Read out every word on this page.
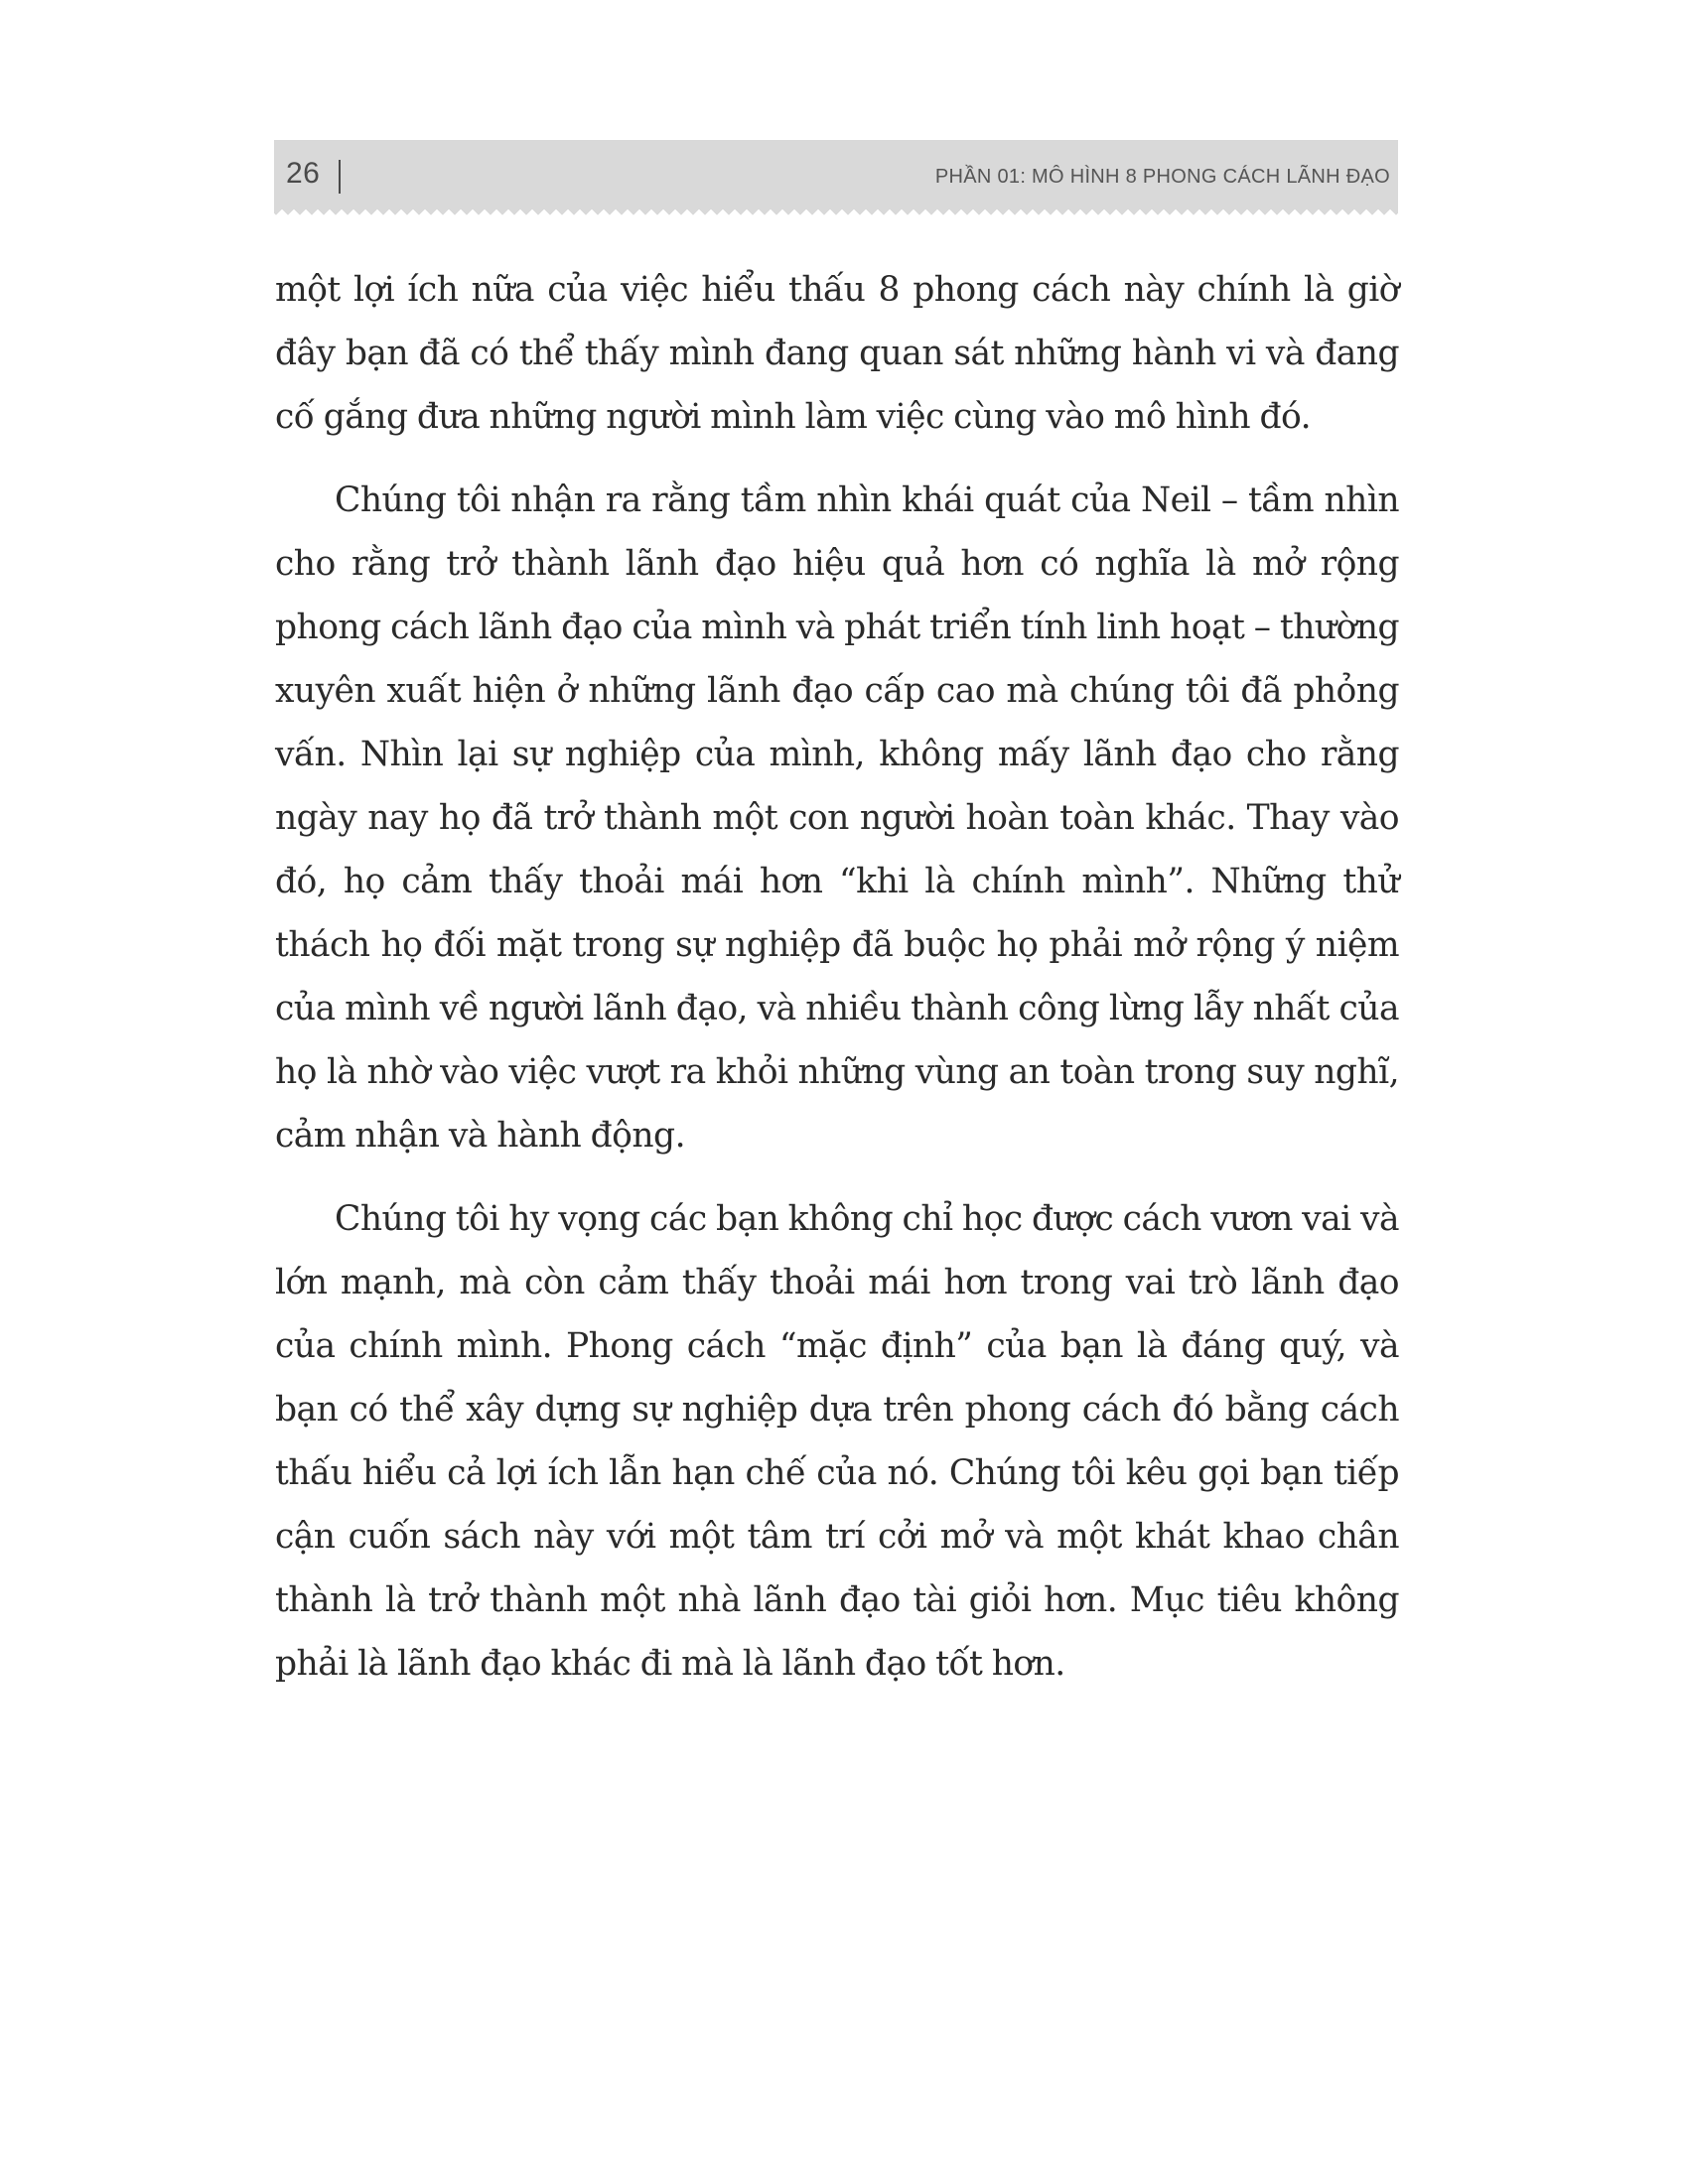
26	PHẦN 01: MÔ HÌNH 8 PHONG CÁCH LÃNH ĐẠO

một lợi ích nữa của việc hiểu thấu 8 phong cách này chính là giờ đây bạn đã có thể thấy mình đang quan sát những hành vi và đang cố gắng đưa những người mình làm việc cùng vào mô hình đó.

Chúng tôi nhận ra rằng tầm nhìn khái quát của Neil – tầm nhìn cho rằng trở thành lãnh đạo hiệu quả hơn có nghĩa là mở rộng phong cách lãnh đạo của mình và phát triển tính linh hoạt – thường xuyên xuất hiện ở những lãnh đạo cấp cao mà chúng tôi đã phỏng vấn. Nhìn lại sự nghiệp của mình, không mấy lãnh đạo cho rằng ngày nay họ đã trở thành một con người hoàn toàn khác. Thay vào đó, họ cảm thấy thoải mái hơn “khi là chính mình”. Những thử thách họ đối mặt trong sự nghiệp đã buộc họ phải mở rộng ý niệm của mình về người lãnh đạo, và nhiều thành công lừng lẫy nhất của họ là nhờ vào việc vượt ra khỏi những vùng an toàn trong suy nghĩ, cảm nhận và hành động.

Chúng tôi hy vọng các bạn không chỉ học được cách vươn vai và lớn mạnh, mà còn cảm thấy thoải mái hơn trong vai trò lãnh đạo của chính mình. Phong cách “mặc định” của bạn là đáng quý, và bạn có thể xây dựng sự nghiệp dựa trên phong cách đó bằng cách thấu hiểu cả lợi ích lẫn hạn chế của nó. Chúng tôi kêu gọi bạn tiếp cận cuốn sách này với một tâm trí cởi mở và một khát khao chân thành là trở thành một nhà lãnh đạo tài giỏi hơn. Mục tiêu không phải là lãnh đạo khác đi mà là lãnh đạo tốt hơn.
